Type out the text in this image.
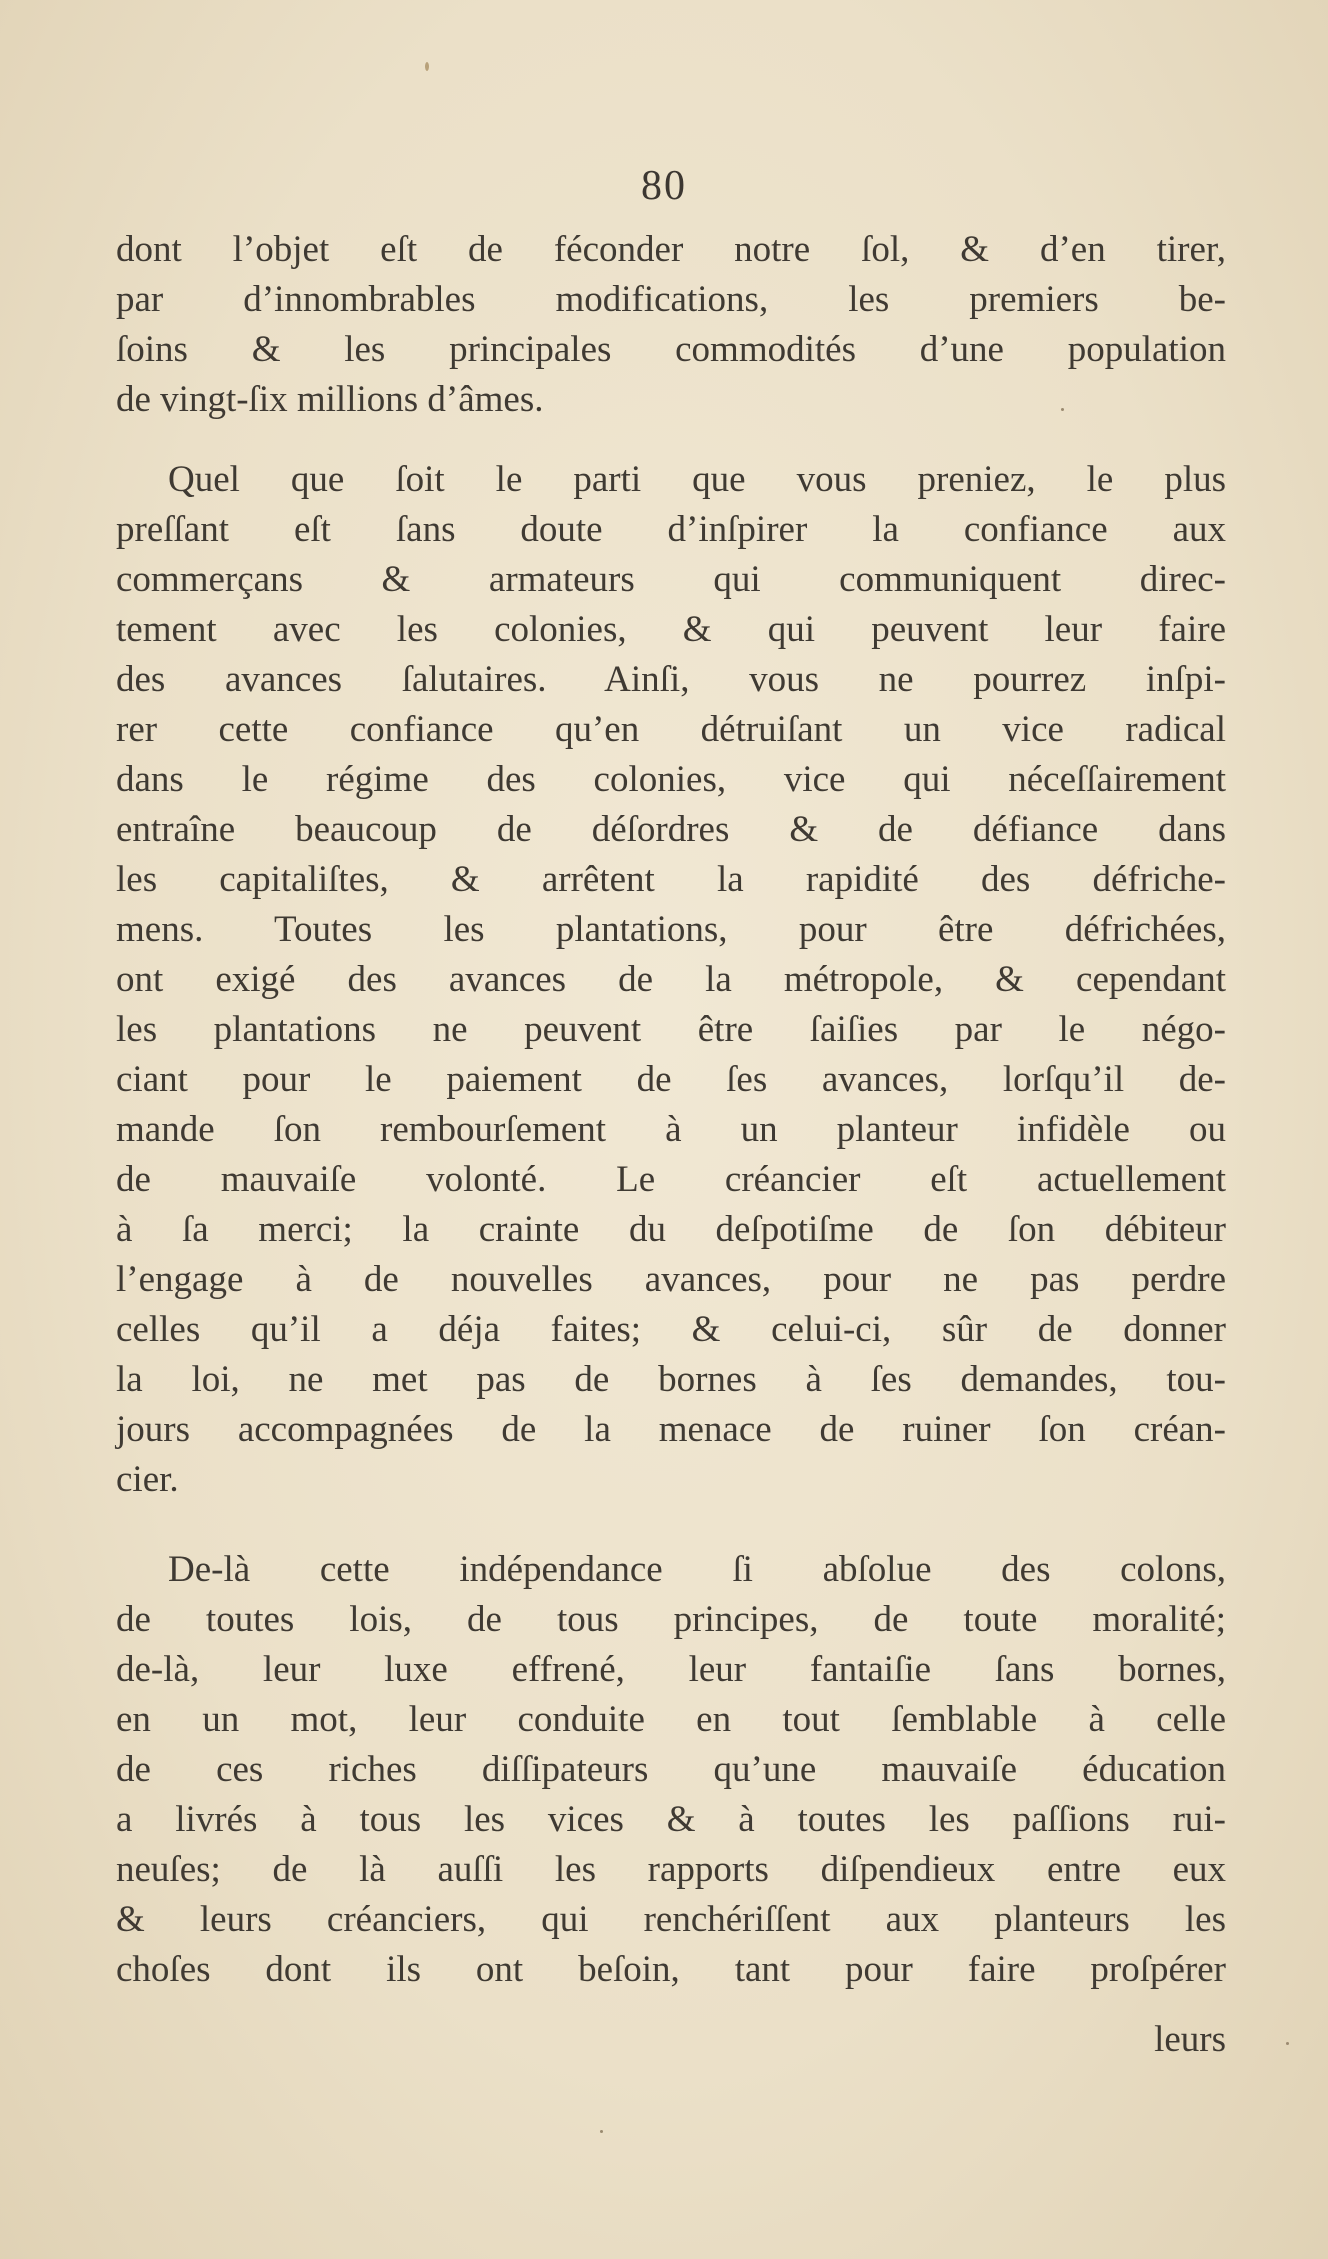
80
dont l’objet eſt de féconder notre ſol, & d’en tirer,
par d’innombrables modifications, les premiers be-
ſoins & les principales commodités d’une population
de vingt-ſix millions d’âmes.
Quel que ſoit le parti que vous preniez, le plus
preſſant eſt ſans doute d’inſpirer la confiance aux
commerçans & armateurs qui communiquent direc-
tement avec les colonies, & qui peuvent leur faire
des avances ſalutaires. Ainſi, vous ne pourrez inſpi-
rer cette confiance qu’en détruiſant un vice radical
dans le régime des colonies, vice qui néceſſairement
entraîne beaucoup de déſordres & de défiance dans
les capitaliſtes, & arrêtent la rapidité des défriche-
mens. Toutes les plantations, pour être défrichées,
ont exigé des avances de la métropole, & cependant
les plantations ne peuvent être ſaiſies par le négo-
ciant pour le paiement de ſes avances, lorſqu’il de-
mande ſon rembourſement à un planteur infidèle ou
de mauvaiſe volonté. Le créancier eſt actuellement
à ſa merci; la crainte du deſpotiſme de ſon débiteur
l’engage à de nouvelles avances, pour ne pas perdre
celles qu’il a déja faites; & celui-ci, sûr de donner
la loi, ne met pas de bornes à ſes demandes, tou-
jours accompagnées de la menace de ruiner ſon créan-
cier.
De-là cette indépendance ſi abſolue des colons,
de toutes lois, de tous principes, de toute moralité;
de-là, leur luxe effrené, leur fantaiſie ſans bornes,
en un mot, leur conduite en tout ſemblable à celle
de ces riches diſſipateurs qu’une mauvaiſe éducation
a livrés à tous les vices & à toutes les paſſions rui-
neuſes; de là auſſi les rapports diſpendieux entre eux
& leurs créanciers, qui renchériſſent aux planteurs les
choſes dont ils ont beſoin, tant pour faire proſpérer
leurs
